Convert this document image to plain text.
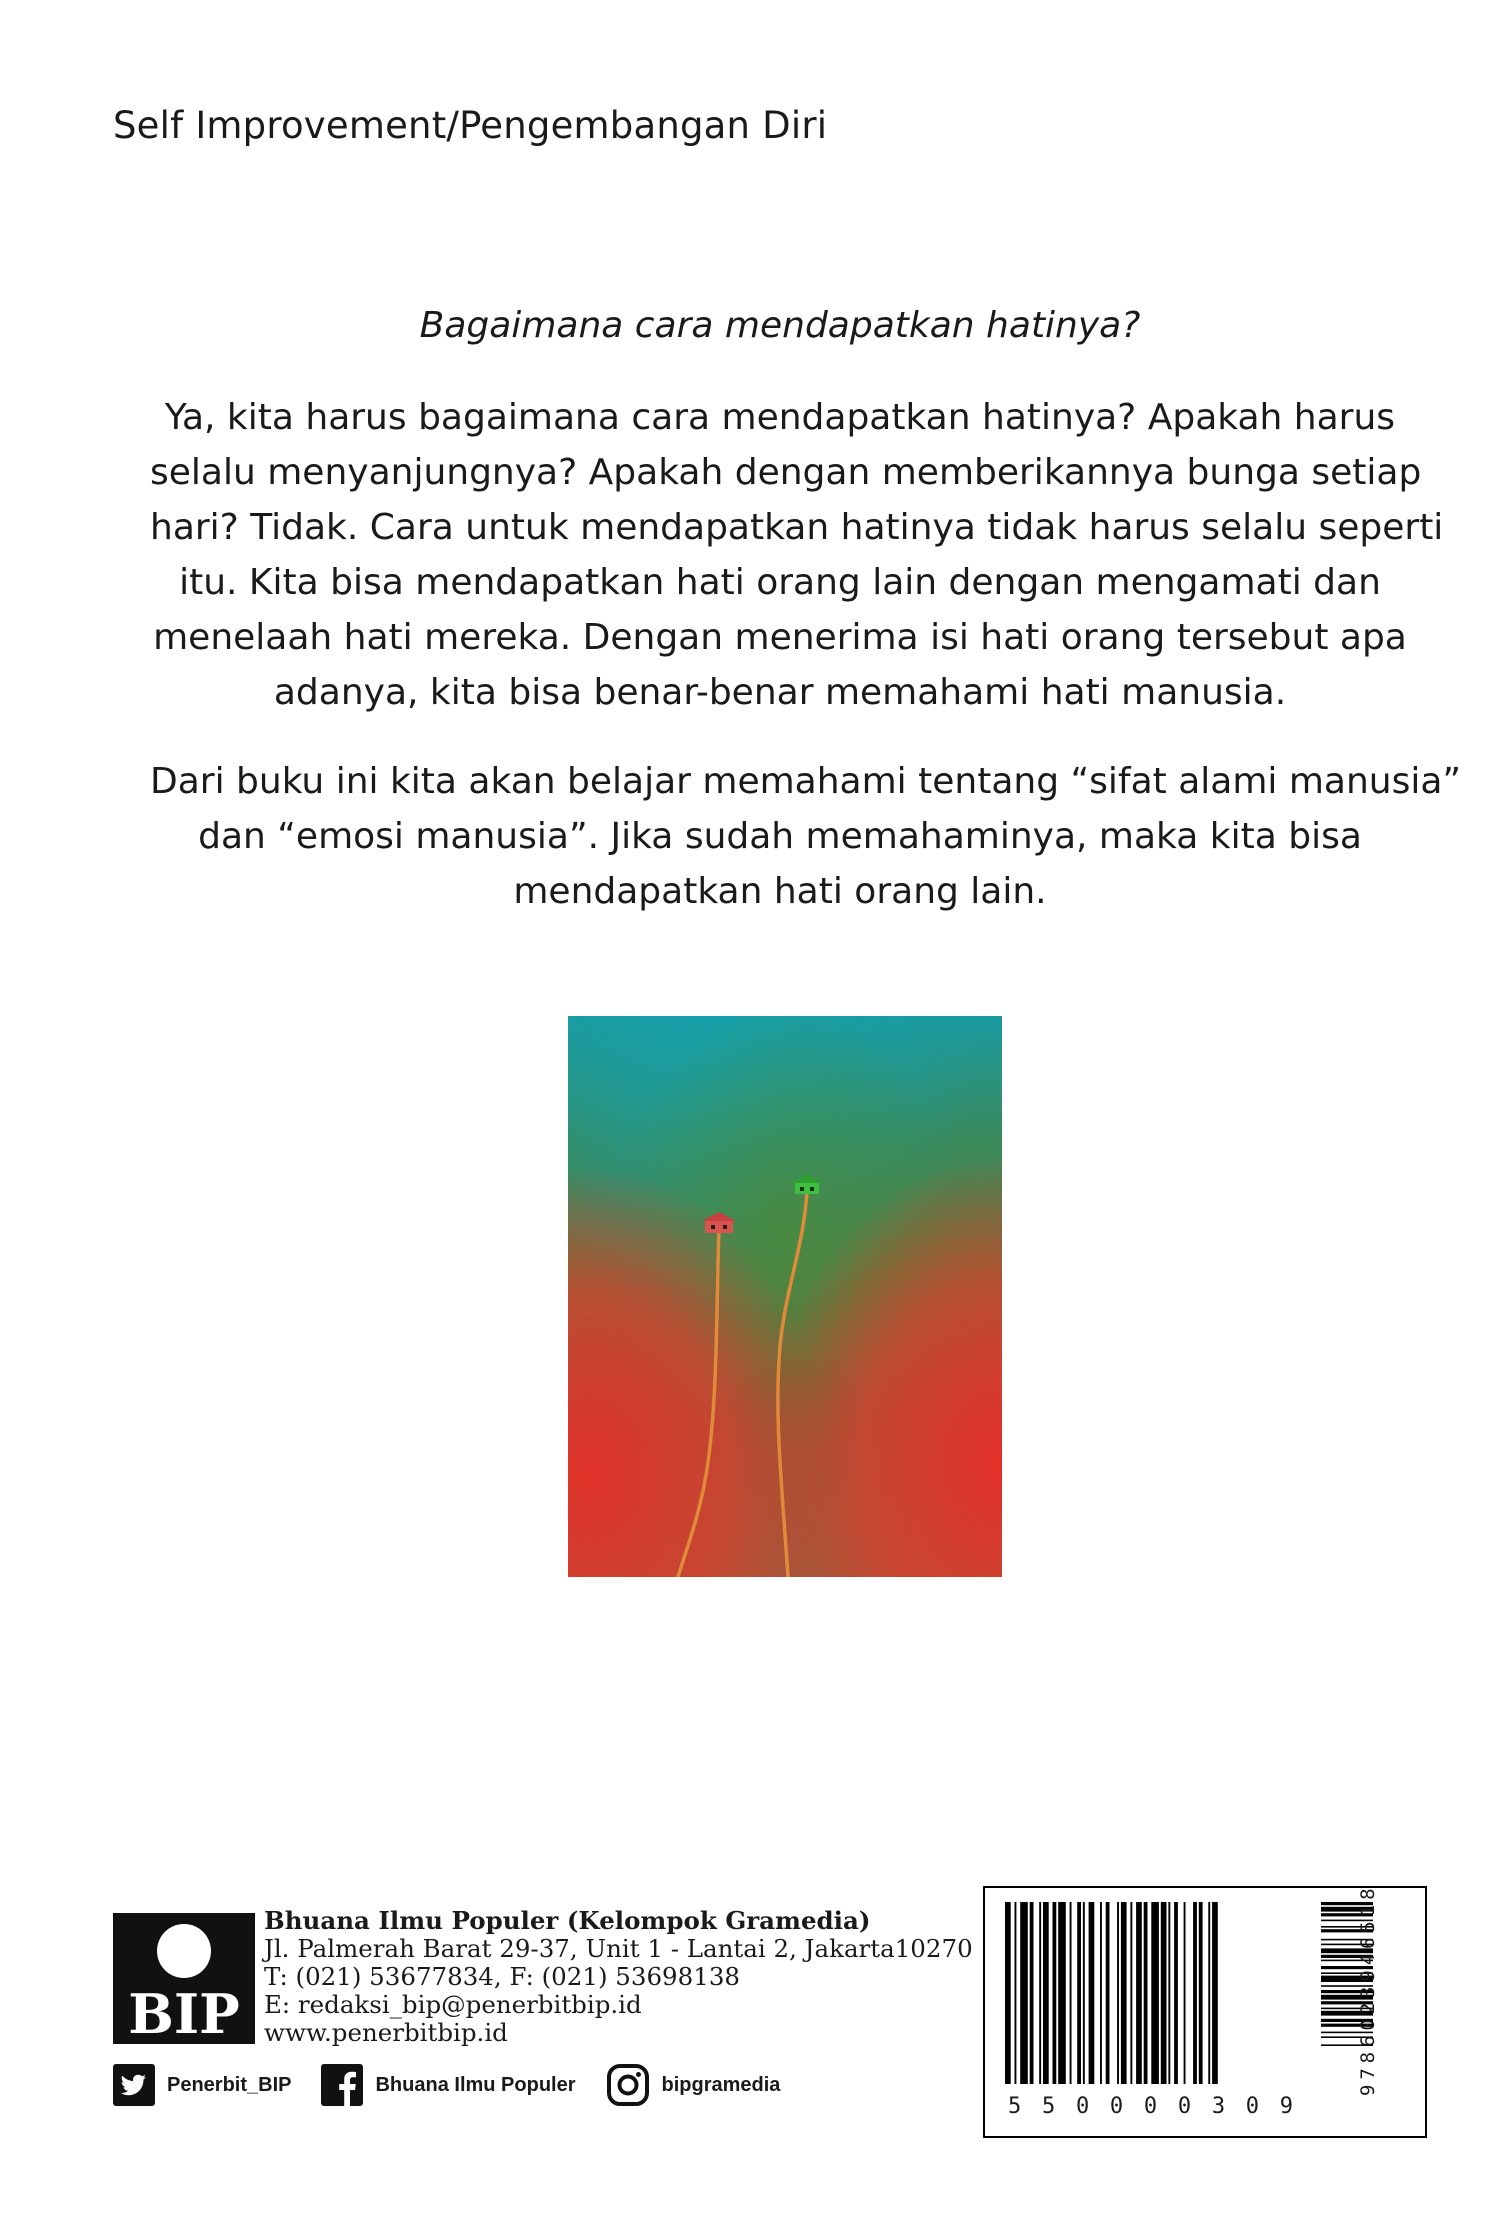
Self Improvement/Pengembangan Diri
Bagaimana cara mendapatkan hatinya?
Ya, kita harus bagaimana cara mendapatkan hatinya? Apakah harus
selalu menyanjungnya? Apakah dengan memberikannya bunga setiap
hari? Tidak. Cara untuk mendapatkan hatinya tidak harus selalu seperti
itu. Kita bisa mendapatkan hati orang lain dengan mengamati dan
menelaah hati mereka. Dengan menerima isi hati orang tersebut apa
adanya, kita bisa benar-benar memahami hati manusia.
Dari buku ini kita akan belajar memahami tentang “sifat alami manusia”
dan “emosi manusia”. Jika sudah memahaminya, maka kita bisa
mendapatkan hati orang lain.
BIP
Bhuana Ilmu Populer (Kelompok Gramedia)
Jl. Palmerah Barat 29-37, Unit 1 - Lantai 2, Jakarta10270
T: (021) 53677834, F: (021) 53698138
E: redaksi_bip@penerbitbip.id
www.penerbitbip.id
Penerbit_BIP	Bhuana Ilmu Populer	bipgramedia
5 5 0 0 0 0 3 0 9
9786023946518
